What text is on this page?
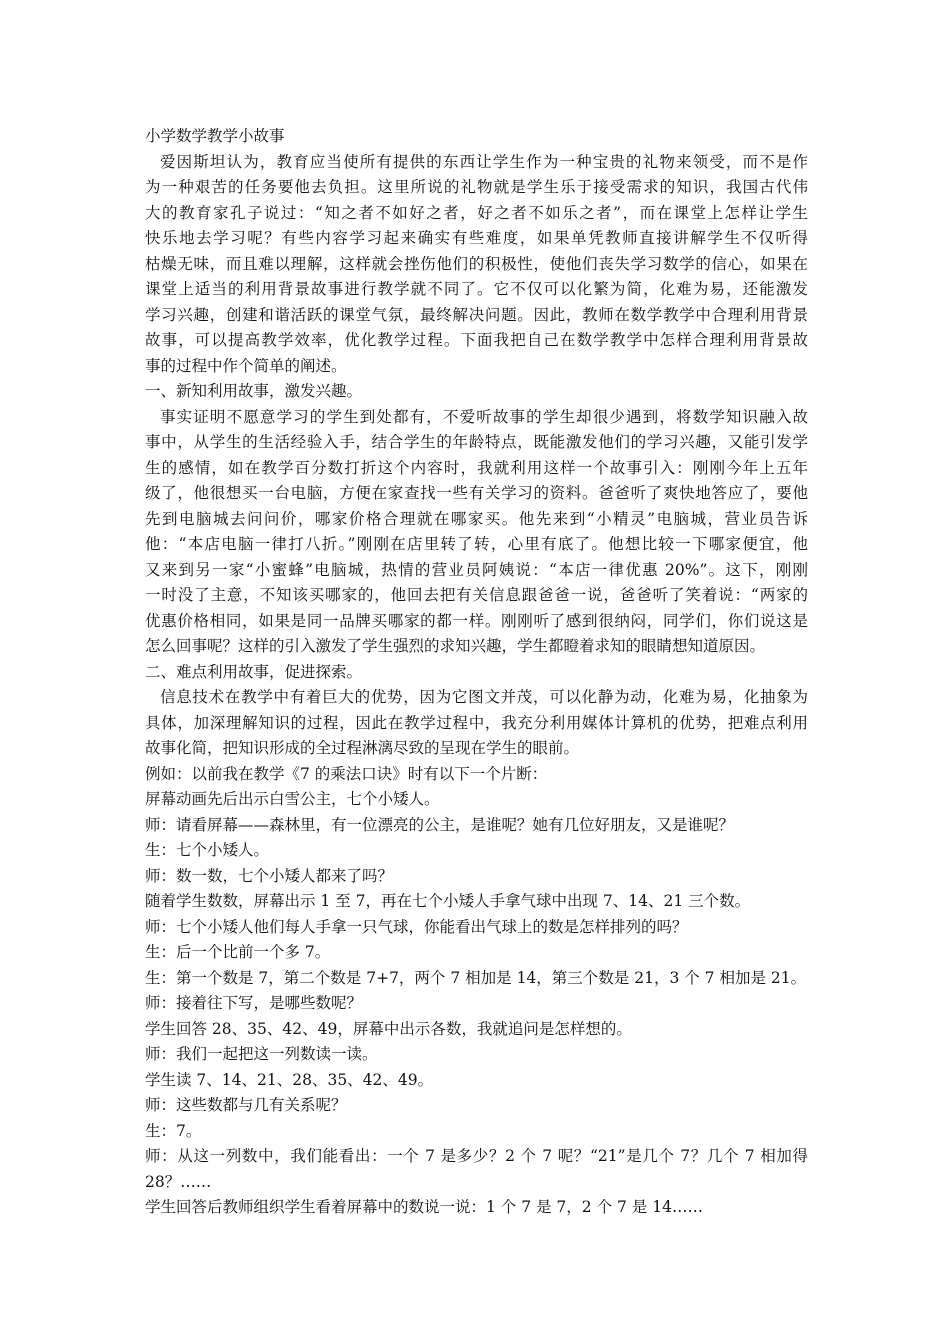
小学数学教学小故事
爱因斯坦认为，教育应当使所有提供的东西让学生作为一种宝贵的礼物来领受，而不是作
为一种艰苦的任务要他去负担。这里所说的礼物就是学生乐于接受需求的知识，我国古代伟
大的教育家孔子说过：“知之者不如好之者，好之者不如乐之者”，而在课堂上怎样让学生
快乐地去学习呢？有些内容学习起来确实有些难度，如果单凭教师直接讲解学生不仅听得
枯燥无味，而且难以理解，这样就会挫伤他们的积极性，使他们丧失学习数学的信心，如果在
课堂上适当的利用背景故事进行教学就不同了。它不仅可以化繁为简，化难为易，还能激发
学习兴趣，创建和谐活跃的课堂气氛，最终解决问题。因此，教师在数学教学中合理利用背景
故事，可以提高教学效率，优化教学过程。下面我把自己在数学教学中怎样合理利用背景故
事的过程中作个简单的阐述。
一、新知利用故事，激发兴趣。
事实证明不愿意学习的学生到处都有，不爱听故事的学生却很少遇到，将数学知识融入故
事中，从学生的生活经验入手，结合学生的年龄特点，既能激发他们的学习兴趣，又能引发学
生的感情，如在教学百分数打折这个内容时，我就利用这样一个故事引入：刚刚今年上五年
级了，他很想买一台电脑，方便在家查找一些有关学习的资料。爸爸听了爽快地答应了，要他
先到电脑城去问问价，哪家价格合理就在哪家买。他先来到“小精灵”电脑城，营业员告诉
他：“本店电脑一律打八折。”刚刚在店里转了转，心里有底了。他想比较一下哪家便宜，他
又来到另一家“小蜜蜂”电脑城，热情的营业员阿姨说：“本店一律优惠 20%”。这下，刚刚
一时没了主意，不知该买哪家的，他回去把有关信息跟爸爸一说，爸爸听了笑着说：“两家的
优惠价格相同，如果是同一品牌买哪家的都一样。刚刚听了感到很纳闷，同学们，你们说这是
怎么回事呢？这样的引入激发了学生强烈的求知兴趣，学生都瞪着求知的眼睛想知道原因。
二、难点利用故事，促进探索。
信息技术在教学中有着巨大的优势，因为它图文并茂，可以化静为动，化难为易，化抽象为
具体，加深理解知识的过程，因此在教学过程中，我充分利用媒体计算机的优势，把难点利用
故事化简，把知识形成的全过程淋漓尽致的呈现在学生的眼前。
例如：以前我在教学《7 的乘法口诀》时有以下一个片断：
屏幕动画先后出示白雪公主，七个小矮人。
师：请看屏幕——森林里，有一位漂亮的公主，是谁呢？她有几位好朋友，又是谁呢？
生：七个小矮人。
师：数一数，七个小矮人都来了吗？
随着学生数数，屏幕出示 1 至 7，再在七个小矮人手拿气球中出现 7、14、21 三个数。
师：七个小矮人他们每人手拿一只气球，你能看出气球上的数是怎样排列的吗？
生：后一个比前一个多 7。
生：第一个数是 7，第二个数是 7+7，两个 7 相加是 14，第三个数是 21，3 个 7 相加是 21。
师：接着往下写，是哪些数呢？
学生回答 28、35、42、49，屏幕中出示各数，我就追问是怎样想的。
师：我们一起把这一列数读一读。
学生读 7、14、21、28、35、42、49。
师：这些数都与几有关系呢？
生：7。
师：从这一列数中，我们能看出：一个 7 是多少？2 个 7 呢？“21”是几个 7？几个 7 相加得
28？……
学生回答后教师组织学生看着屏幕中的数说一说：1 个 7 是 7，2 个 7 是 14……
